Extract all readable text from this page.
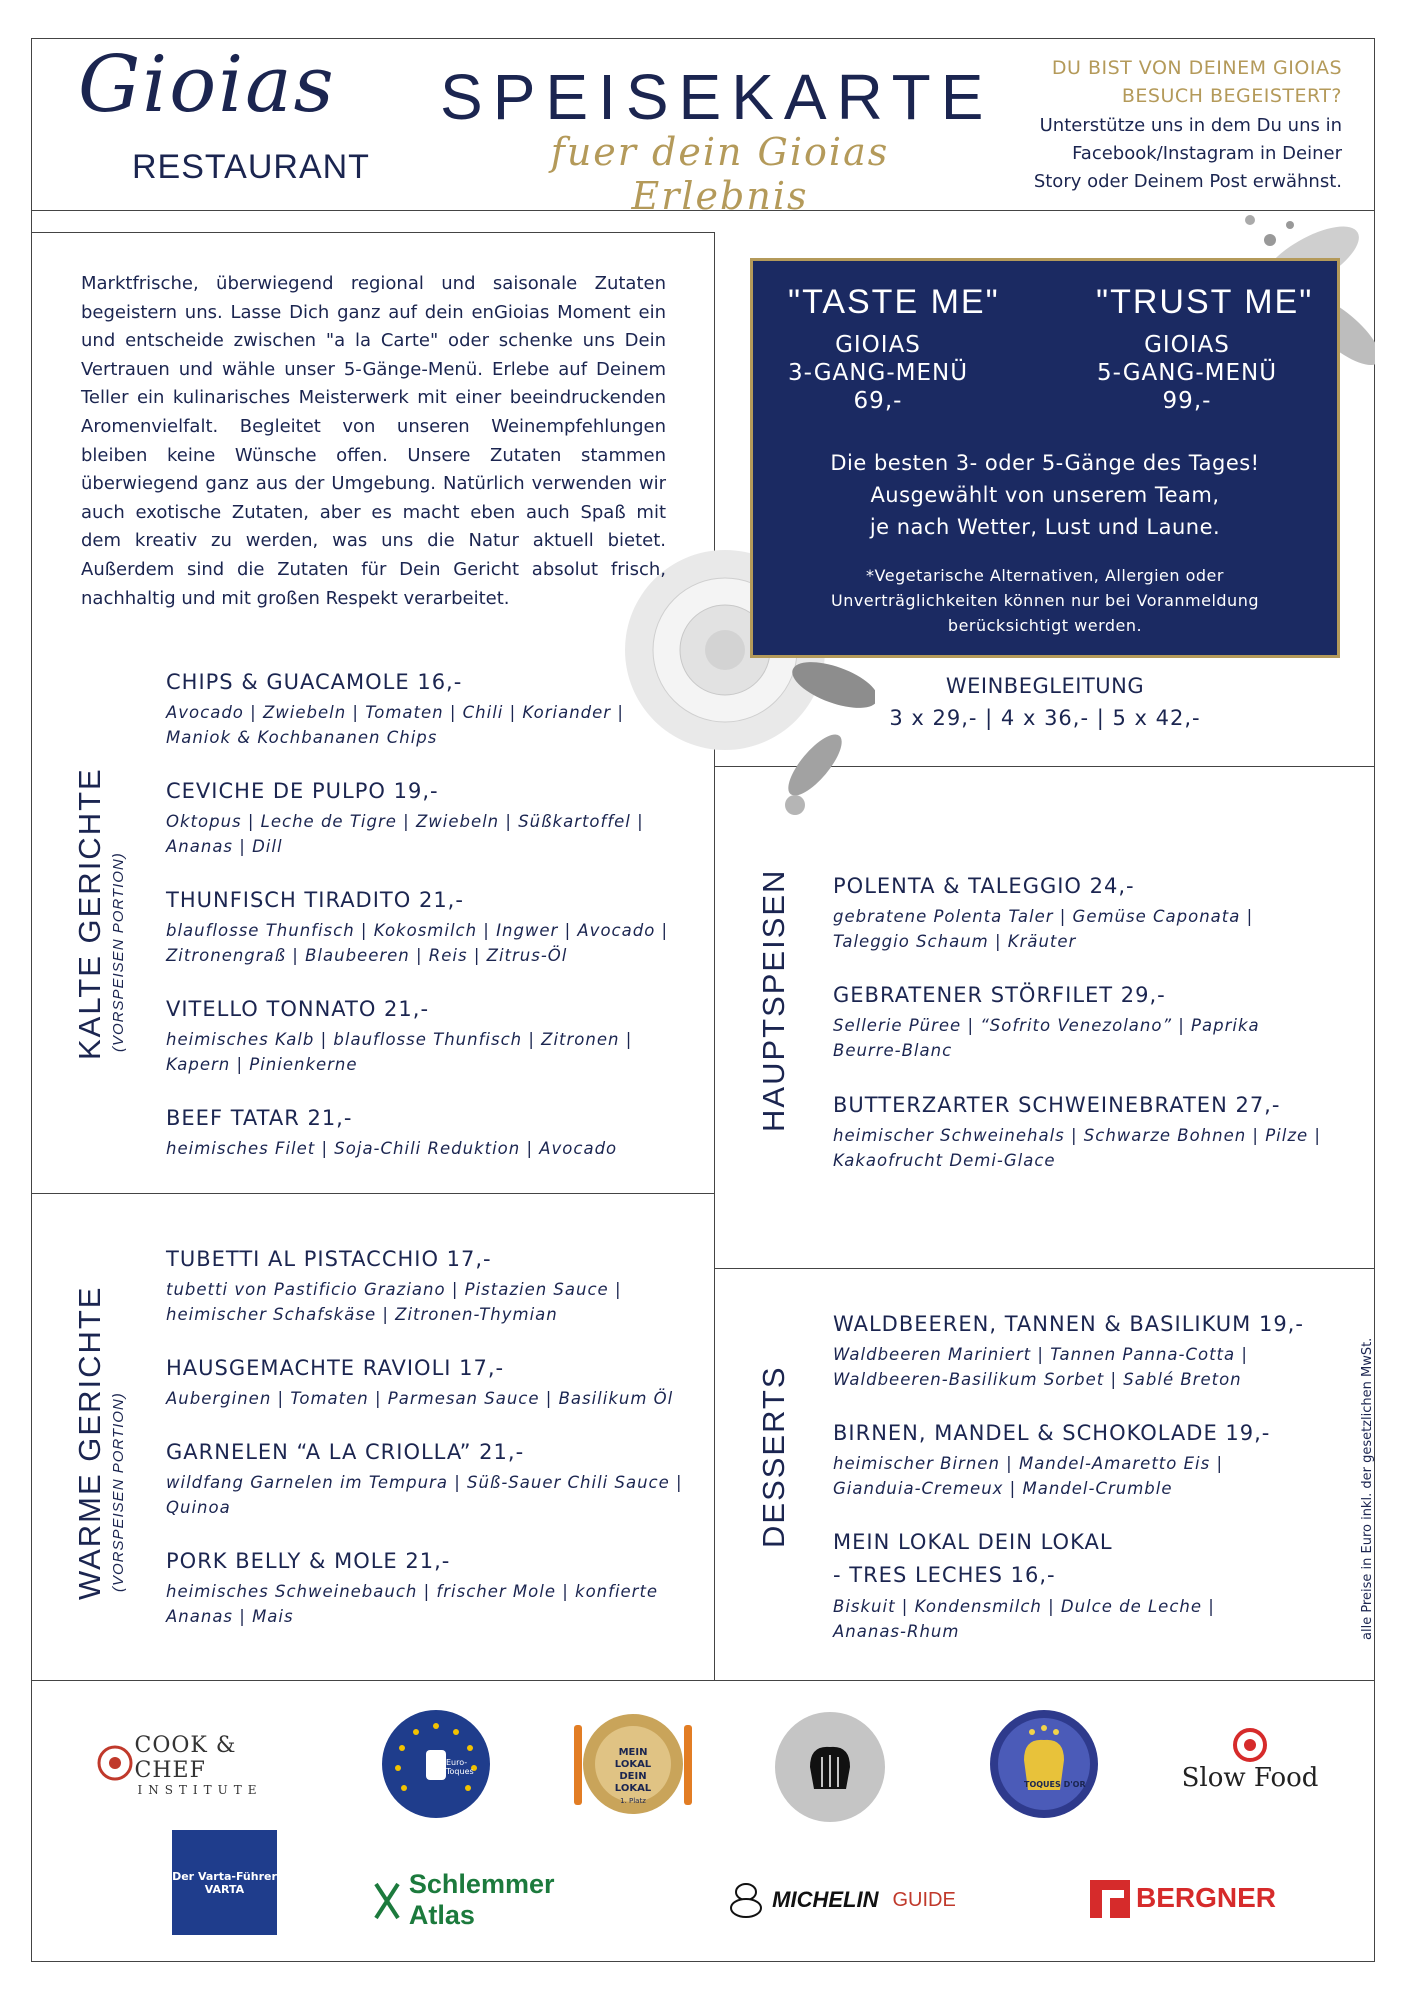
Gioias
RESTAURANT
SPEISEKARTE
fuer dein Gioias Erlebnis
DU BIST VON DEINEM GIOIAS
BESUCH BEGEISTERT?
Unterstütze uns in dem Du uns in
Facebook/Instagram in Deiner
Story oder Deinem Post erwähnst.
Marktfrische, überwiegend regional und saisonale Zutaten begeistern uns. Lasse Dich ganz auf dein enGioias Moment ein und entscheide zwischen "a la Carte" oder schenke uns Dein Vertrauen und wähle unser 5-Gänge-Menü. Erlebe auf Deinem Teller ein kulinarisches Meisterwerk mit einer beeindruckenden Aromenvielfalt. Begleitet von unseren Weinempfehlungen bleiben keine Wünsche offen. Unsere Zutaten stammen überwiegend ganz aus der Umgebung. Natürlich verwenden wir auch exotische Zutaten, aber es macht eben auch Spaß mit dem kreativ zu werden, was uns die Natur aktuell bietet. Außerdem sind die Zutaten für Dein Gericht absolut frisch, nachhaltig und mit großen Respekt verarbeitet.
"TASTE ME"
GIOIAS
3-GANG-MENÜ
69,-
"TRUST ME"
GIOIAS
5-GANG-MENÜ
99,-
Die besten 3- oder 5-Gänge des Tages!
Ausgewählt von unserem Team,
je nach Wetter, Lust und Laune.
*Vegetarische Alternativen, Allergien oder
Unverträglichkeiten können nur bei Voranmeldung
berücksichtigt werden.
WEINBEGLEITUNG
3 x 29,- | 4 x 36,- | 5 x 42,-
KALTE GERICHTE (VORSPEISEN PORTION)
WARME GERICHTE (VORSPEISEN PORTION)
HAUPTSPEISEN
DESSERTS
CHIPS & GUACAMOLE 16,-
Avocado | Zwiebeln | Tomaten | Chili | Koriander |
Maniok & Kochbananen Chips
CEVICHE DE PULPO 19,-
Oktopus | Leche de Tigre | Zwiebeln | Süßkartoffel |
Ananas | Dill
THUNFISCH TIRADITO 21,-
blauflosse Thunfisch | Kokosmilch | Ingwer | Avocado |
Zitronengraß | Blaubeeren | Reis | Zitrus-Öl
VITELLO TONNATO 21,-
heimisches Kalb | blauflosse Thunfisch | Zitronen |
Kapern | Pinienkerne
BEEF TATAR 21,-
heimisches Filet | Soja-Chili Reduktion | Avocado
TUBETTI AL PISTACCHIO 17,-
tubetti von Pastificio Graziano | Pistazien Sauce |
heimischer Schafskäse | Zitronen-Thymian
HAUSGEMACHTE RAVIOLI 17,-
Auberginen | Tomaten | Parmesan Sauce | Basilikum Öl
GARNELEN “A LA CRIOLLA” 21,-
wildfang Garnelen im Tempura | Süß-Sauer Chili Sauce |
Quinoa
PORK BELLY & MOLE 21,-
heimisches Schweinebauch | frischer Mole | konfierte
Ananas | Mais
POLENTA & TALEGGIO 24,-
gebratene Polenta Taler | Gemüse Caponata |
Taleggio Schaum | Kräuter
GEBRATENER STÖRFILET 29,-
Sellerie Püree | “Sofrito Venezolano” | Paprika
Beurre-Blanc
BUTTERZARTER SCHWEINEBRATEN 27,-
heimischer Schweinehals | Schwarze Bohnen | Pilze |
Kakaofrucht Demi-Glace
WALDBEEREN, TANNEN & BASILIKUM 19,-
Waldbeeren Mariniert | Tannen Panna-Cotta |
Waldbeeren-Basilikum Sorbet | Sablé Breton
BIRNEN, MANDEL & SCHOKOLADE 19,-
heimischer Birnen | Mandel-Amaretto Eis |
Gianduia-Cremeux | Mandel-Crumble
MEIN LOKAL DEIN LOKAL
- TRES LECHES 16,-
Biskuit | Kondensmilch | Dulce de Leche |
Ananas-Rhum	alle Preise in Euro inkl. der gesetzlichen MwSt.
COOK & CHEF
INSTITUTE
Euro-Toques
MEIN LOKAL
DEIN LOKAL
1. Platz
TOQUES D'OR	Slow Food
Der Varta-Führer
VARTA	Schlemmer Atlas
MICHELIN GUIDE	BERGNER
